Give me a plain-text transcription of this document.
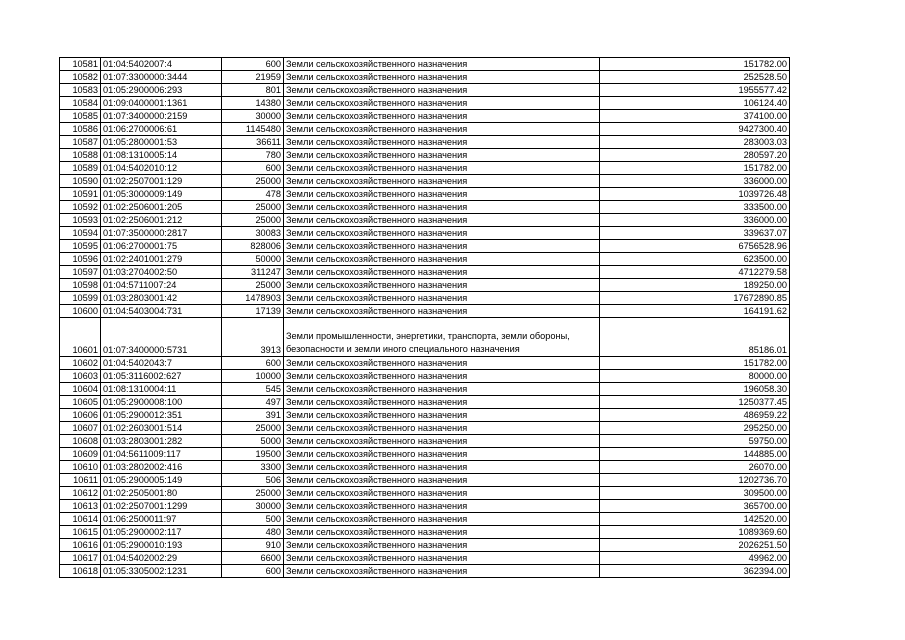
10581	01:04:5402007:4	600	Земли сельскохозяйственного назначения	151782.00
10582	01:07:3300000:3444	21959	Земли сельскохозяйственного назначения	252528.50
10583	01:05:2900006:293	801	Земли сельскохозяйственного назначения	1955577.42
10584	01:09:0400001:1361	14380	Земли сельскохозяйственного назначения	106124.40
10585	01:07:3400000:2159	30000	Земли сельскохозяйственного назначения	374100.00
10586	01:06:2700006:61	1145480	Земли сельскохозяйственного назначения	9427300.40
10587	01:05:2800001:53	36611	Земли сельскохозяйственного назначения	283003.03
10588	01:08:1310005:14	780	Земли сельскохозяйственного назначения	280597.20
10589	01:04:5402010:12	600	Земли сельскохозяйственного назначения	151782.00
10590	01:02:2507001:129	25000	Земли сельскохозяйственного назначения	336000.00
10591	01:05:3000009:149	478	Земли сельскохозяйственного назначения	1039726.48
10592	01:02:2506001:205	25000	Земли сельскохозяйственного назначения	333500.00
10593	01:02:2506001:212	25000	Земли сельскохозяйственного назначения	336000.00
10594	01:07:3500000:2817	30083	Земли сельскохозяйственного назначения	339637.07
10595	01:06:2700001:75	828006	Земли сельскохозяйственного назначения	6756528.96
10596	01:02:2401001:279	50000	Земли сельскохозяйственного назначения	623500.00
10597	01:03:2704002:50	311247	Земли сельскохозяйственного назначения	4712279.58
10598	01:04:5711007:24	25000	Земли сельскохозяйственного назначения	189250.00
10599	01:03:2803001:42	1478903	Земли сельскохозяйственного назначения	17672890.85
10600	01:04:5403004:731	17139	Земли сельскохозяйственного назначения	164191.62
10601	01:07:3400000:5731	3913	Земли промышленности, энергетики, транспорта, земли обороны, безопасности и земли иного специального назначения	85186.01
10602	01:04:5402043:7	600	Земли сельскохозяйственного назначения	151782.00
10603	01:05:3116002:627	10000	Земли сельскохозяйственного назначения	80000.00
10604	01:08:1310004:11	545	Земли сельскохозяйственного назначения	196058.30
10605	01:05:2900008:100	497	Земли сельскохозяйственного назначения	1250377.45
10606	01:05:2900012:351	391	Земли сельскохозяйственного назначения	486959.22
10607	01:02:2603001:514	25000	Земли сельскохозяйственного назначения	295250.00
10608	01:03:2803001:282	5000	Земли сельскохозяйственного назначения	59750.00
10609	01:04:5611009:117	19500	Земли сельскохозяйственного назначения	144885.00
10610	01:03:2802002:416	3300	Земли сельскохозяйственного назначения	26070.00
10611	01:05:2900005:149	506	Земли сельскохозяйственного назначения	1202736.70
10612	01:02:2505001:80	25000	Земли сельскохозяйственного назначения	309500.00
10613	01:02:2507001:1299	30000	Земли сельскохозяйственного назначения	365700.00
10614	01:06:2500011:97	500	Земли сельскохозяйственного назначения	142520.00
10615	01:05:2900002:117	480	Земли сельскохозяйственного назначения	1089369.60
10616	01:05:2900010:193	910	Земли сельскохозяйственного назначения	2026251.50
10617	01:04:5402002:29	6600	Земли сельскохозяйственного назначения	49962.00
10618	01:05:3305002:1231	600	Земли сельскохозяйственного назначения	362394.00
